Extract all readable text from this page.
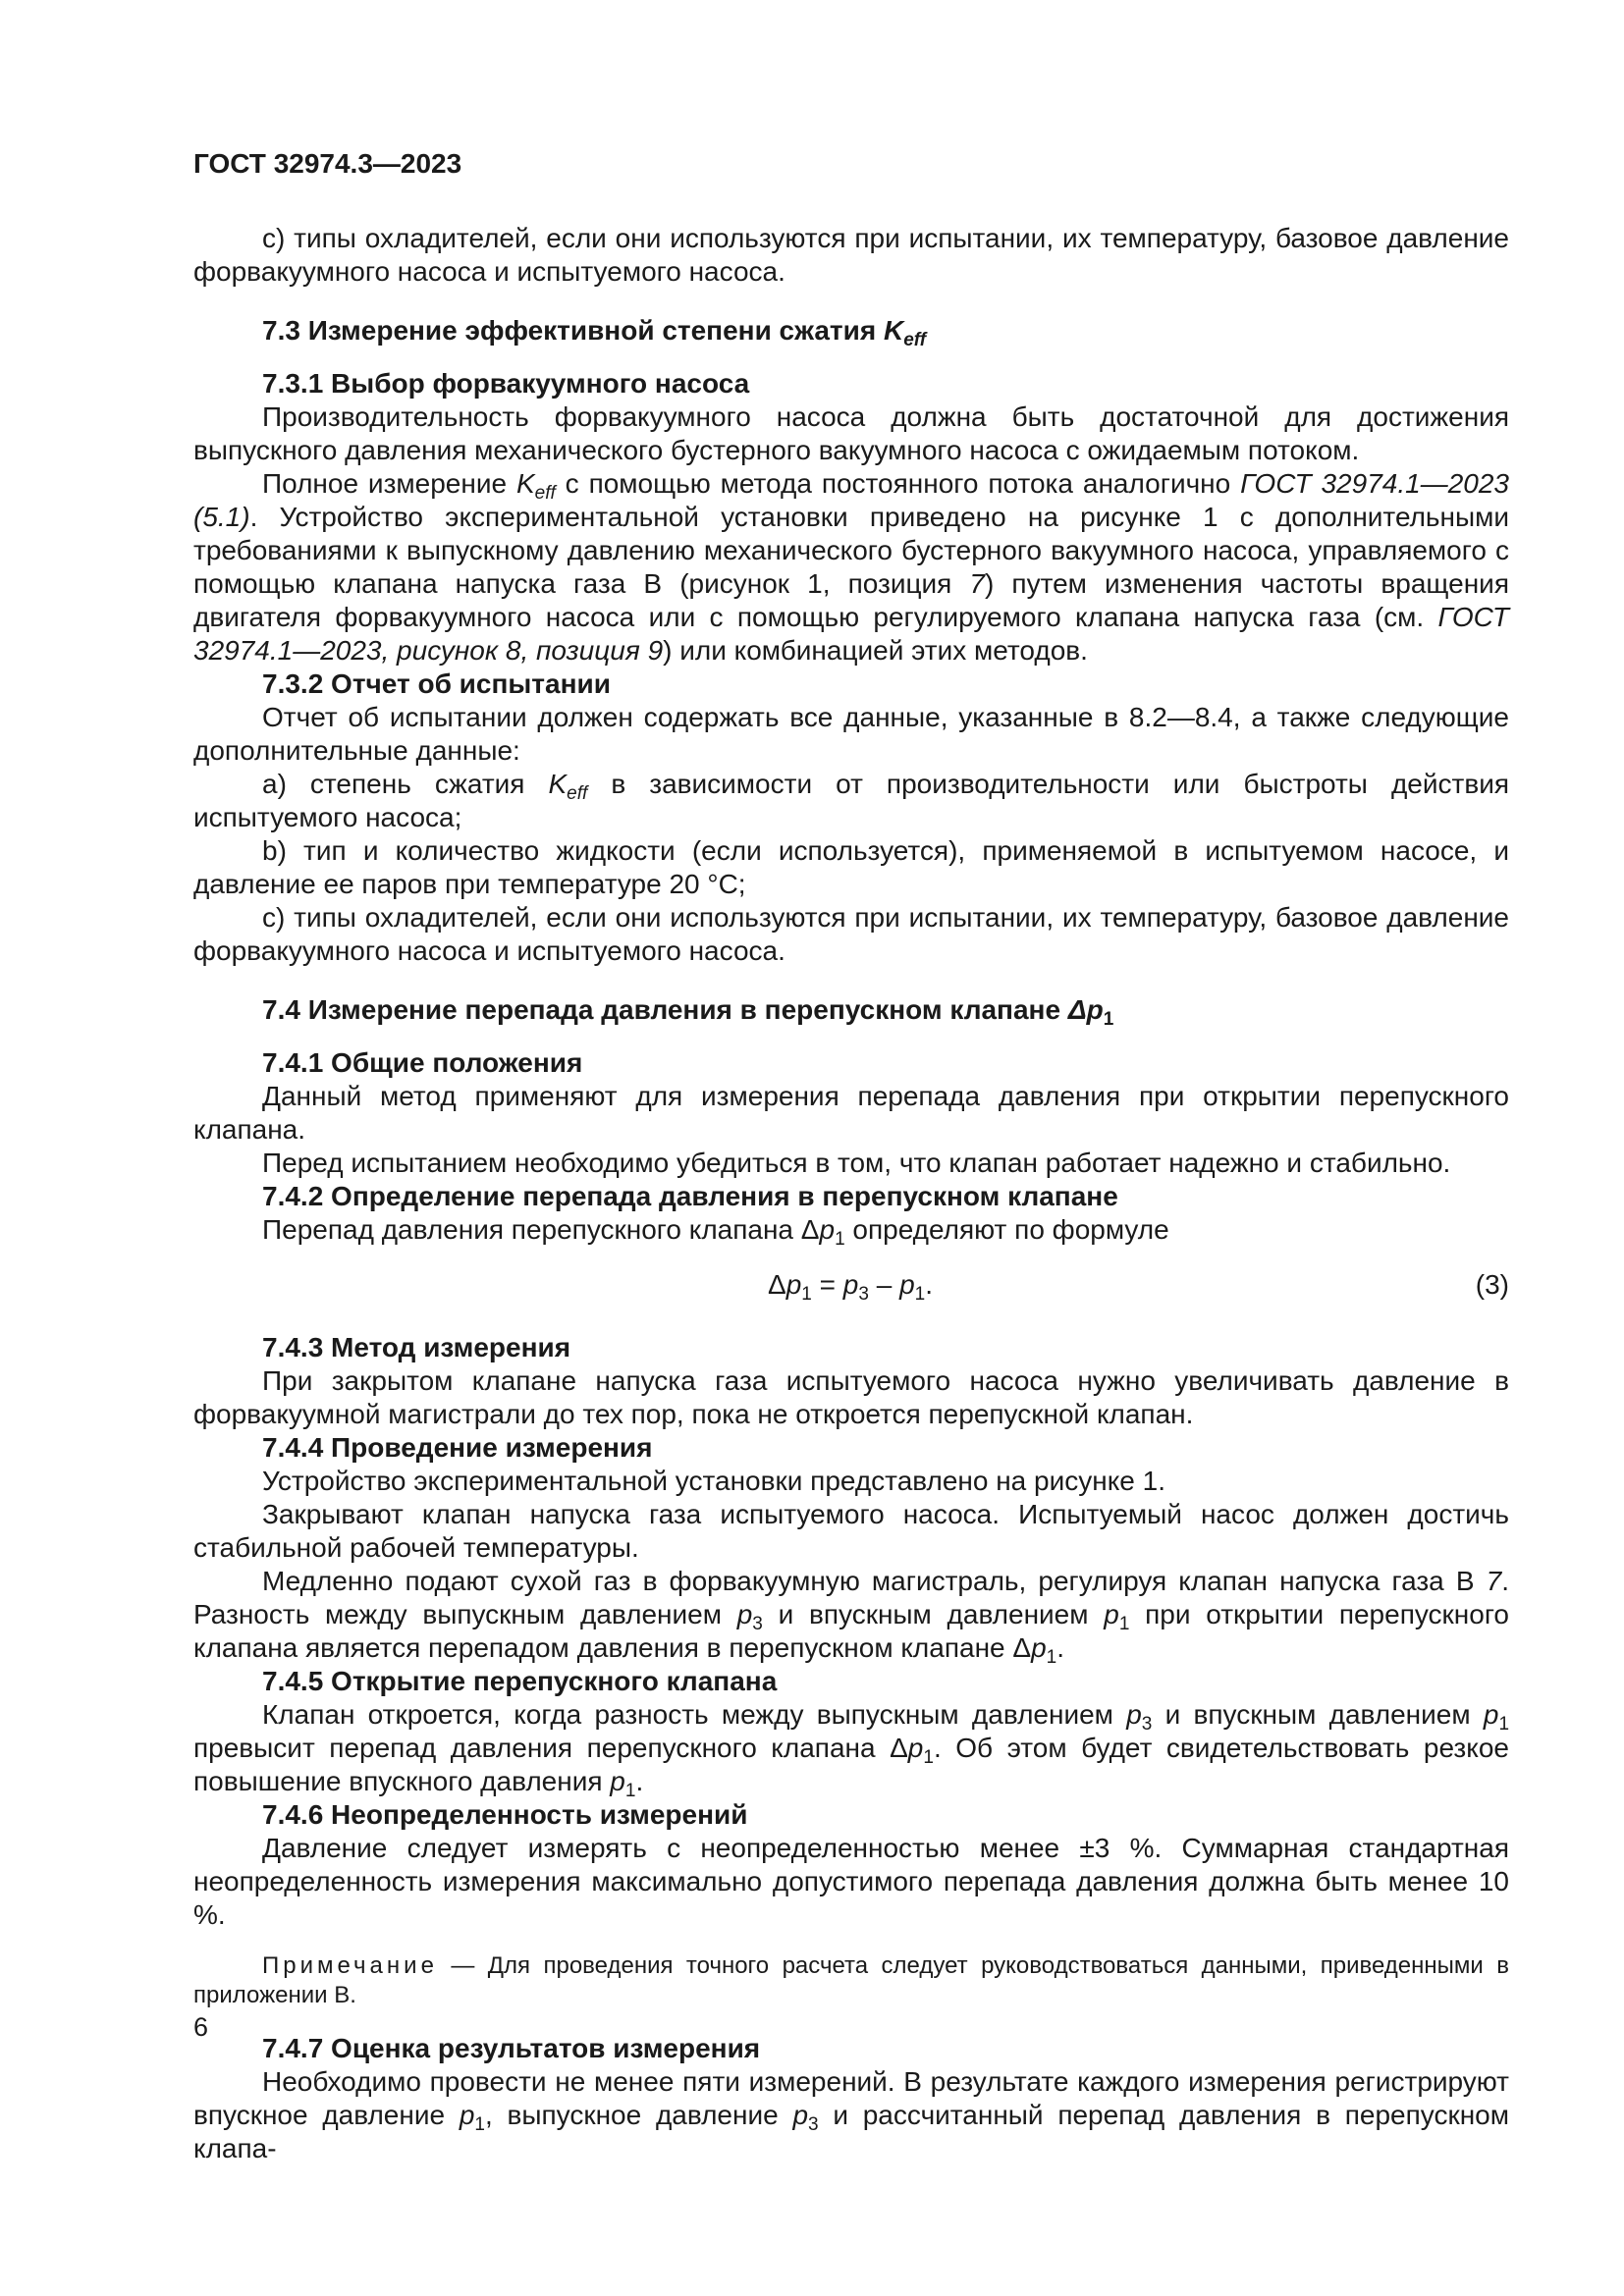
ГОСТ 32974.3—2023

c) типы охладителей, если они используются при испытании, их температуру, базовое давление форвакуумного насоса и испытуемого насоса.

7.3 Измерение эффективной степени сжатия $K_{eff}$
7.3.1 Выбор форвакуумного насоса

Производительность форвакуумного насоса должна быть достаточной для достижения выпускного давления механического бустерного вакуумного насоса с ожидаемым потоком.

Полное измерение $K_{eff}$ с помощью метода постоянного потока аналогично ГОСТ 32974.1—2023 (5.1). Устройство экспериментальной установки приведено на рисунке 1 с дополнительными требованиями к выпускному давлению механического бустерного вакуумного насоса, управляемого с помощью клапана напуска газа B (рисунок 1, позиция 7) путем изменения частоты вращения двигателя форвакуумного насоса или с помощью регулируемого клапана напуска газа (см. ГОСТ 32974.1—2023, рисунок 8, позиция 9) или комбинацией этих методов.

7.3.2 Отчет об испытании

Отчет об испытании должен содержать все данные, указанные в 8.2—8.4, а также следующие дополнительные данные:

a) степень сжатия $K_{eff}$ в зависимости от производительности или быстроты действия испытуемого насоса;

b) тип и количество жидкости (если используется), применяемой в испытуемом насосе, и давление ее паров при температуре 20 °С;

c) типы охладителей, если они используются при испытании, их температуру, базовое давление форвакуумного насоса и испытуемого насоса.

7.4 Измерение перепада давления в перепускном клапане $\Delta p_1$
7.4.1 Общие положения

Данный метод применяют для измерения перепада давления при открытии перепускного клапана.

Перед испытанием необходимо убедиться в том, что клапан работает надежно и стабильно.

7.4.2 Определение перепада давления в перепускном клапане

Перепад давления перепускного клапана $\Delta p_1$ определяют по формуле

$\Delta p_1 = p_3 - p_1$.	(3)
7.4.3 Метод измерения

При закрытом клапане напуска газа испытуемого насоса нужно увеличивать давление в форвакуумной магистрали до тех пор, пока не откроется перепускной клапан.

7.4.4 Проведение измерения

Устройство экспериментальной установки представлено на рисунке 1.

Закрывают клапан напуска газа испытуемого насоса. Испытуемый насос должен достичь стабильной рабочей температуры.

Медленно подают сухой газ в форвакуумную магистраль, регулируя клапан напуска газа B 7. Разность между выпускным давлением $p_3$ и впускным давлением $p_1$ при открытии перепускного клапана является перепадом давления в перепускном клапане $\Delta p_1$.

7.4.5 Открытие перепускного клапана

Клапан откроется, когда разность между выпускным давлением $p_3$ и впускным давлением $p_1$ превысит перепад давления перепускного клапана $\Delta p_1$. Об этом будет свидетельствовать резкое повышение впускного давления $p_1$.

7.4.6 Неопределенность измерений

Давление следует измерять с неопределенностью менее ±3 %. Суммарная стандартная неопределенность измерения максимально допустимого перепада давления должна быть менее 10 %.

Примечание — Для проведения точного расчета следует руководствоваться данными, приведенными в приложении В.

7.4.7 Оценка результатов измерения

Необходимо провести не менее пяти измерений. В результате каждого измерения регистрируют впускное давление $p_1$, выпускное давление $p_3$ и рассчитанный перепад давления в перепускном клапа-

6
